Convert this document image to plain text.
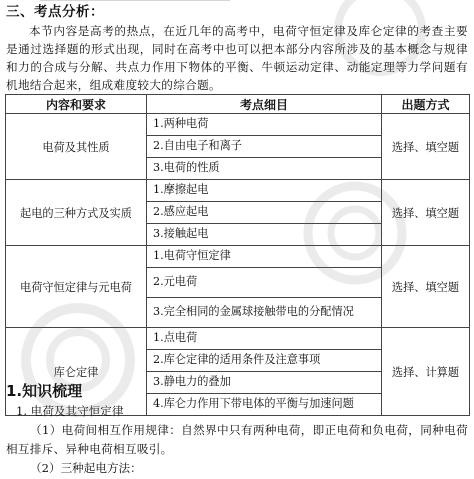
三、考点分析：
本节内容是高考的热点，在近几年的高考中，电荷守恒定律及库仑定律的考查主要是通过选择题的形式出现，同时在高考中也可以把本部分内容所涉及的基本概念与规律和力的合成与分解、共点力作用下物体的平衡、牛顿运动定律、动能定理等力学问题有机地结合起来，组成难度较大的综合题。
内容和要求	考点细目	出题方式
电荷及其性质	1.两种电荷
2.自由电子和离子
3.电荷的性质	选择、填空题
起电的三种方式及实质	1.摩擦起电
2.感应起电
3.接触起电	选择、填空题
电荷守恒定律与元电荷	1.电荷守恒定律
2.元电荷
3.完全相同的金属球接触带电的分配情况	选择、填空题
库仑定律	1.点电荷
2.库仑定律的适用条件及注意事项
3.静电力的叠加
4.库仑力作用下带电体的平衡与加速问题	选择、计算题
1.知识梳理
1. 电荷及其守恒定律
（1）电荷间相互作用规律：自然界中只有两种电荷，即正电荷和负电荷，同种电荷相互排斥、异种电荷相互吸引。
（2）三种起电方法：
